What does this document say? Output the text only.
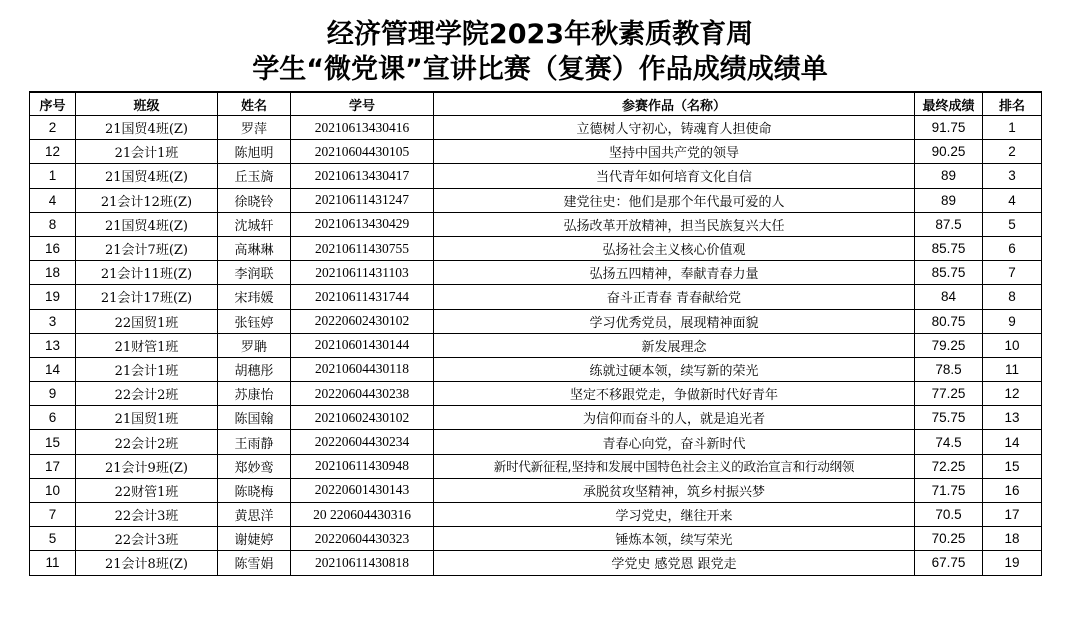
经济管理学院2023年秋素质教育周
学生“微党课”宣讲比赛（复赛）作品成绩成绩单
序号	班级	姓名	学号	参赛作品（名称）	最终成绩	排名
2	21国贸4班(Z)	罗萍	20210613430416	立德树人守初心，铸魂育人担使命	91.75	1
12	21会计1班	陈旭明	20210604430105	坚持中国共产党的领导	90.25	2
1	21国贸4班(Z)	丘玉旖	20210613430417	当代青年如何培育文化自信	89	3
4	21会计12班(Z)	徐晓铃	20210611431247	建党往史：他们是那个年代最可爱的人	89	4
8	21国贸4班(Z)	沈城轩	20210613430429	弘扬改革开放精神，担当民族复兴大任	87.5	5
16	21会计7班(Z)	高琳琳	20210611430755	弘扬社会主义核心价值观	85.75	6
18	21会计11班(Z)	李润联	20210611431103	弘扬五四精神，奉献青春力量	85.75	7
19	21会计17班(Z)	宋玮媛	20210611431744	奋斗正青春 青春献给党	84	8
3	22国贸1班	张钰婷	20220602430102	学习优秀党员，展现精神面貌	80.75	9
13	21财管1班	罗聃	20210601430144	新发展理念	79.25	10
14	21会计1班	胡穗彤	20210604430118	练就过硬本领，续写新的荣光	78.5	11
9	22会计2班	苏康怡	20220604430238	坚定不移跟党走，争做新时代好青年	77.25	12
6	21国贸1班	陈国翰	20210602430102	为信仰而奋斗的人，就是追光者	75.75	13
15	22会计2班	王雨静	20220604430234	青春心向党，奋斗新时代	74.5	14
17	21会计9班(Z)	郑妙鸾	20210611430948	新时代新征程,坚持和发展中国特色社会主义的政治宣言和行动纲领	72.25	15
10	22财管1班	陈晓梅	20220601430143	承脱贫攻坚精神，筑乡村振兴梦	71.75	16
7	22会计3班	黄思洋	20 220604430316	学习党史，继往开来	70.5	17
5	22会计3班	谢婕婷	20220604430323	锤炼本领，续写荣光	70.25	18
11	21会计8班(Z)	陈雪娟	20210611430818	学党史 感党恩 跟党走	67.75	19
